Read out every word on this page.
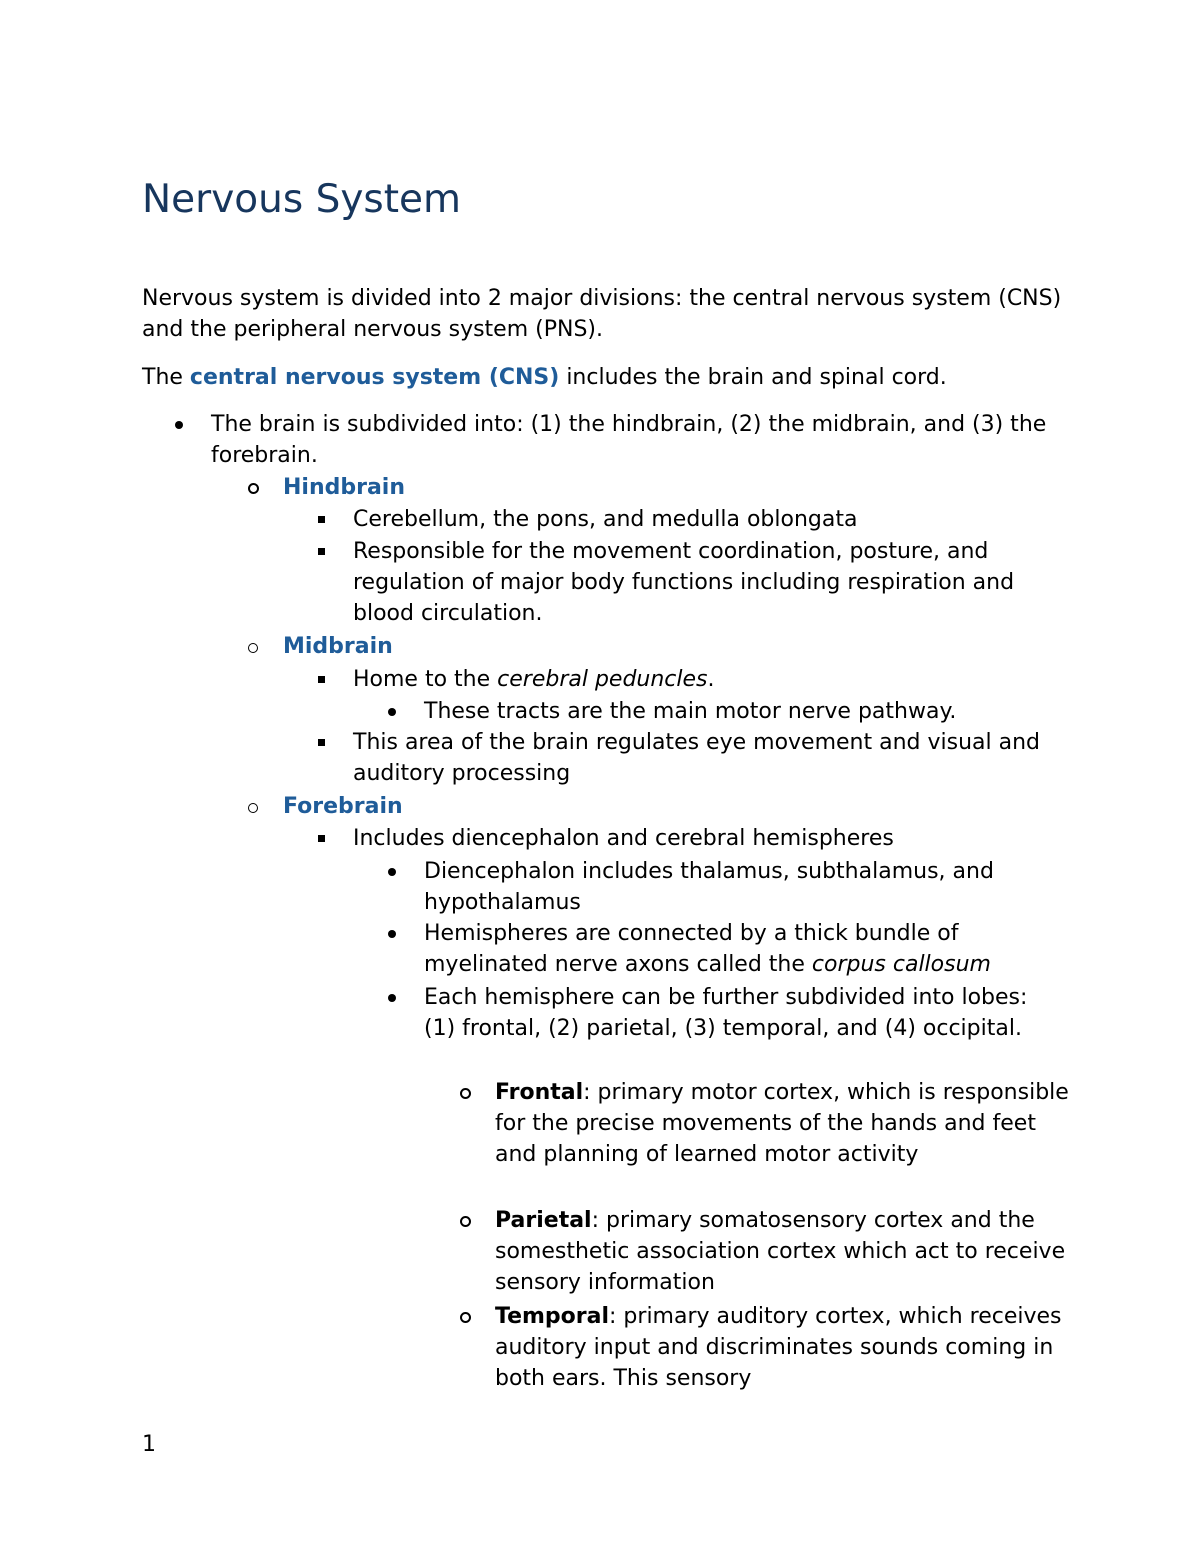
Nervous System

Nervous system is divided into 2 major divisions: the central nervous system (CNS) and the peripheral nervous system (PNS).

The central nervous system (CNS) includes the brain and spinal cord.

The brain is subdivided into: (1) the hindbrain, (2) the midbrain, and (3) the forebrain.
Hindbrain
Cerebellum, the pons, and medulla oblongata
Responsible for the movement coordination, posture, and regulation of major body functions including respiration and blood circulation.
Midbrain
Home to the cerebral peduncles.
These tracts are the main motor nerve pathway.
This area of the brain regulates eye movement and visual and auditory processing
Forebrain
Includes diencephalon and cerebral hemispheres
Diencephalon includes thalamus, subthalamus, and hypothalamus
Hemispheres are connected by a thick bundle of myelinated nerve axons called the corpus callosum
Each hemisphere can be further subdivided into lobes: (1) frontal, (2) parietal, (3) temporal, and (4) occipital.
Frontal: primary motor cortex, which is responsible for the precise movements of the hands and feet and planning of learned motor activity
Parietal: primary somatosensory cortex and the somesthetic association cortex which act to receive sensory information
Temporal: primary auditory cortex, which receives auditory input and discriminates sounds coming in both ears. This sensory
1
